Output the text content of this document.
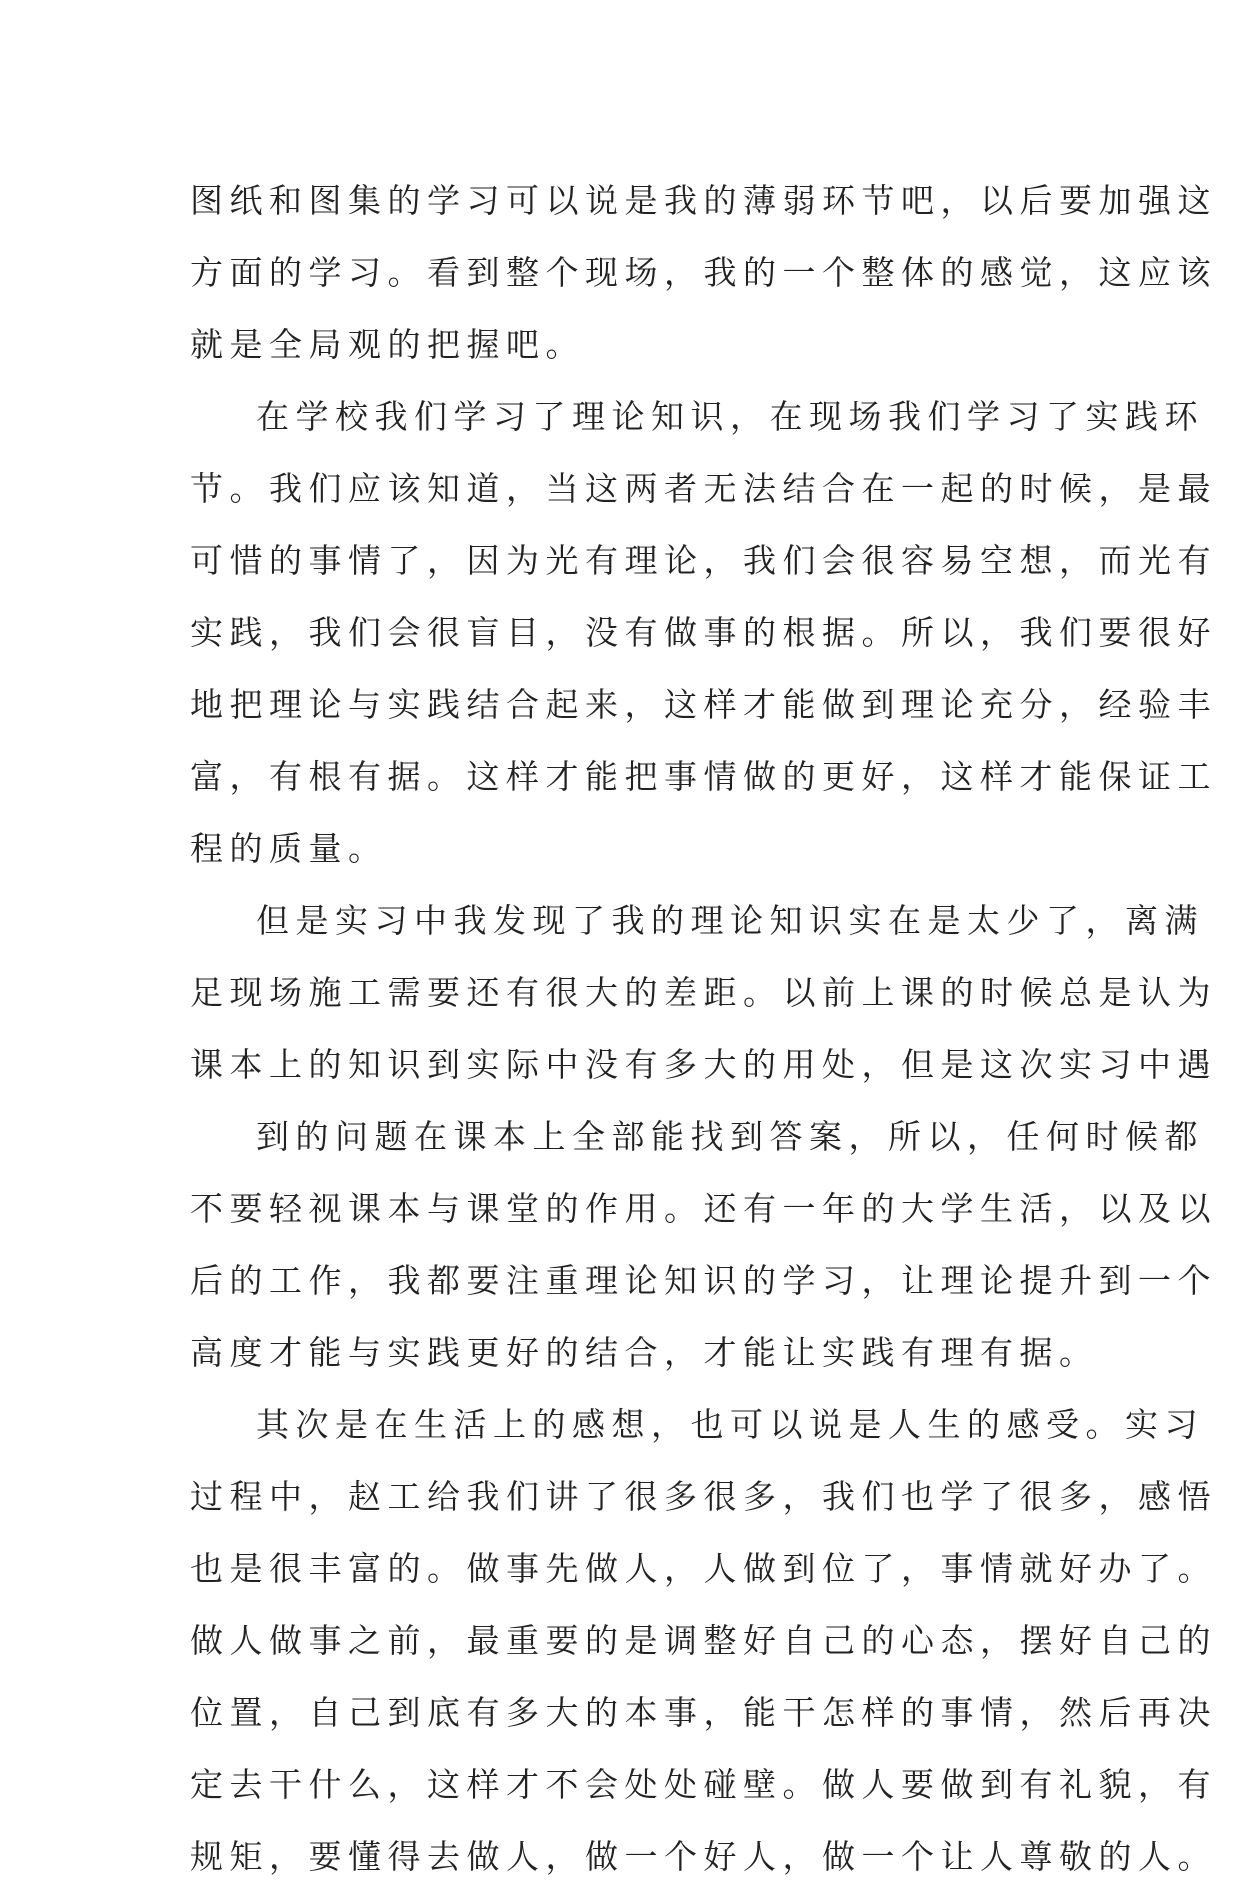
图纸和图集的学习可以说是我的薄弱环节吧，以后要加强这
方面的学习。看到整个现场，我的一个整体的感觉，这应该
就是全局观的把握吧。
在学校我们学习了理论知识，在现场我们学习了实践环
节。我们应该知道，当这两者无法结合在一起的时候，是最
可惜的事情了，因为光有理论，我们会很容易空想，而光有
实践，我们会很盲目，没有做事的根据。所以，我们要很好
地把理论与实践结合起来，这样才能做到理论充分，经验丰
富，有根有据。这样才能把事情做的更好，这样才能保证工
程的质量。
但是实习中我发现了我的理论知识实在是太少了，离满
足现场施工需要还有很大的差距。以前上课的时候总是认为
课本上的知识到实际中没有多大的用处，但是这次实习中遇
到的问题在课本上全部能找到答案，所以，任何时候都
不要轻视课本与课堂的作用。还有一年的大学生活，以及以
后的工作，我都要注重理论知识的学习，让理论提升到一个
高度才能与实践更好的结合，才能让实践有理有据。
其次是在生活上的感想，也可以说是人生的感受。实习
过程中，赵工给我们讲了很多很多，我们也学了很多，感悟
也是很丰富的。做事先做人，人做到位了，事情就好办了。
做人做事之前，最重要的是调整好自己的心态，摆好自己的
位置，自己到底有多大的本事，能干怎样的事情，然后再决
定去干什么，这样才不会处处碰壁。做人要做到有礼貌，有
规矩，要懂得去做人，做一个好人，做一个让人尊敬的人。
